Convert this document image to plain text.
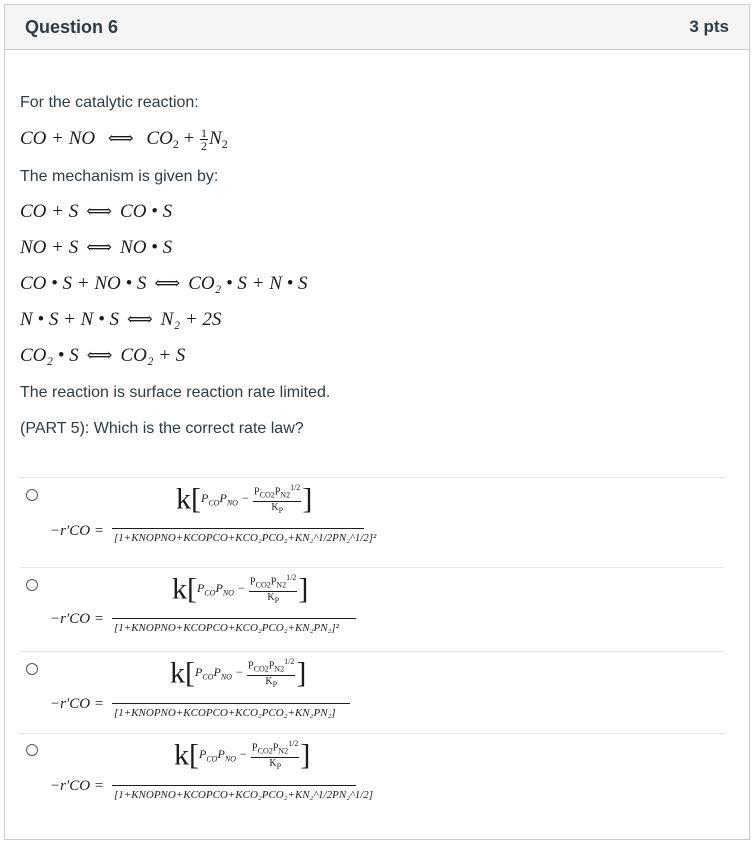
Question 6	3 pts
For the catalytic reaction:
CO + NO ⟺ $CO_2 + \frac{1}{2} N_2$
The mechanism is given by:
CO + S ⟺ CO • S
NO + S ⟺ NO • S
CO • S + NO • S ⟺ CO₂ • S + N • S
N • S + N • S ⟺ N₂ + 2S
CO₂ • S ⟺ CO₂ + S
The reaction is surface reaction rate limited.
(PART 5): Which is the correct rate law?
−r′CO =
$k[P_{CO}P_{NO} - \frac{P_{CO2}P_{N2}^{1/2}}{K_P}$ ]
[1+KNOPNO+KCOPCO+KCO₂PCO₂+KN₂^1/2PN₂^1/2]²
−r′CO =
$k[P_{CO}P_{NO} - \frac{P_{CO2}P_{N2}^{1/2}}{K_P}$ ]
[1+KNOPNO+KCOPCO+KCO₂PCO₂+KN₂PN₂]²
−r′CO =
$k[P_{CO}P_{NO} - \frac{P_{CO2}P_{N2}^{1/2}}{K_P}$ ]
[1+KNOPNO+KCOPCO+KCO₂PCO₂+KN₂PN₂]
−r′CO =
$k[P_{CO}P_{NO} - \frac{P_{CO2}P_{N2}^{1/2}}{K_P}$ ]
[1+KNOPNO+KCOPCO+KCO₂PCO₂+KN₂^1/2PN₂^1/2]
